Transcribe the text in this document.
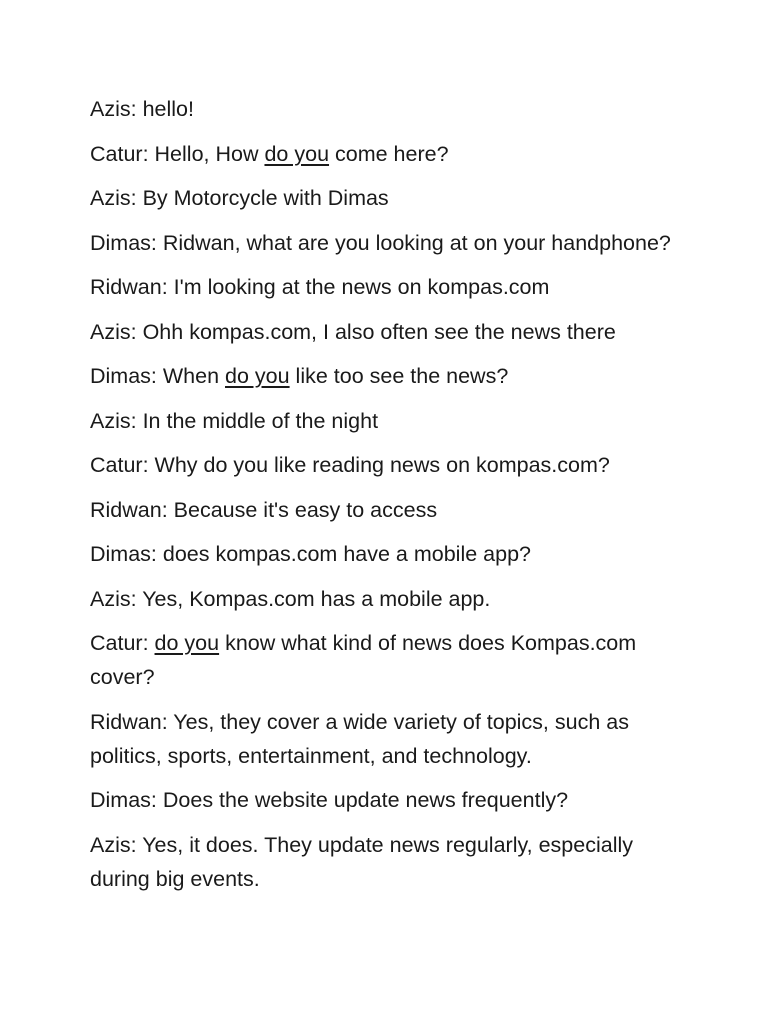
Azis: hello!
Catur: Hello, How do you come here?
Azis: By Motorcycle with Dimas
Dimas: Ridwan, what are you looking at on your handphone?
Ridwan: I'm looking at the news on kompas.com
Azis: Ohh kompas.com, I also often see the news there
Dimas: When do you like too see the news?
Azis: In the middle of the night
Catur: Why do you like reading news on kompas.com?
Ridwan: Because it's easy to access
Dimas: does kompas.com have a mobile app?
Azis: Yes, Kompas.com has a mobile app.
Catur: do you know what kind of news does Kompas.com cover?
Ridwan: Yes, they cover a wide variety of topics, such as politics, sports, entertainment, and technology.
Dimas: Does the website update news frequently?
Azis: Yes, it does. They update news regularly, especially during big events.
